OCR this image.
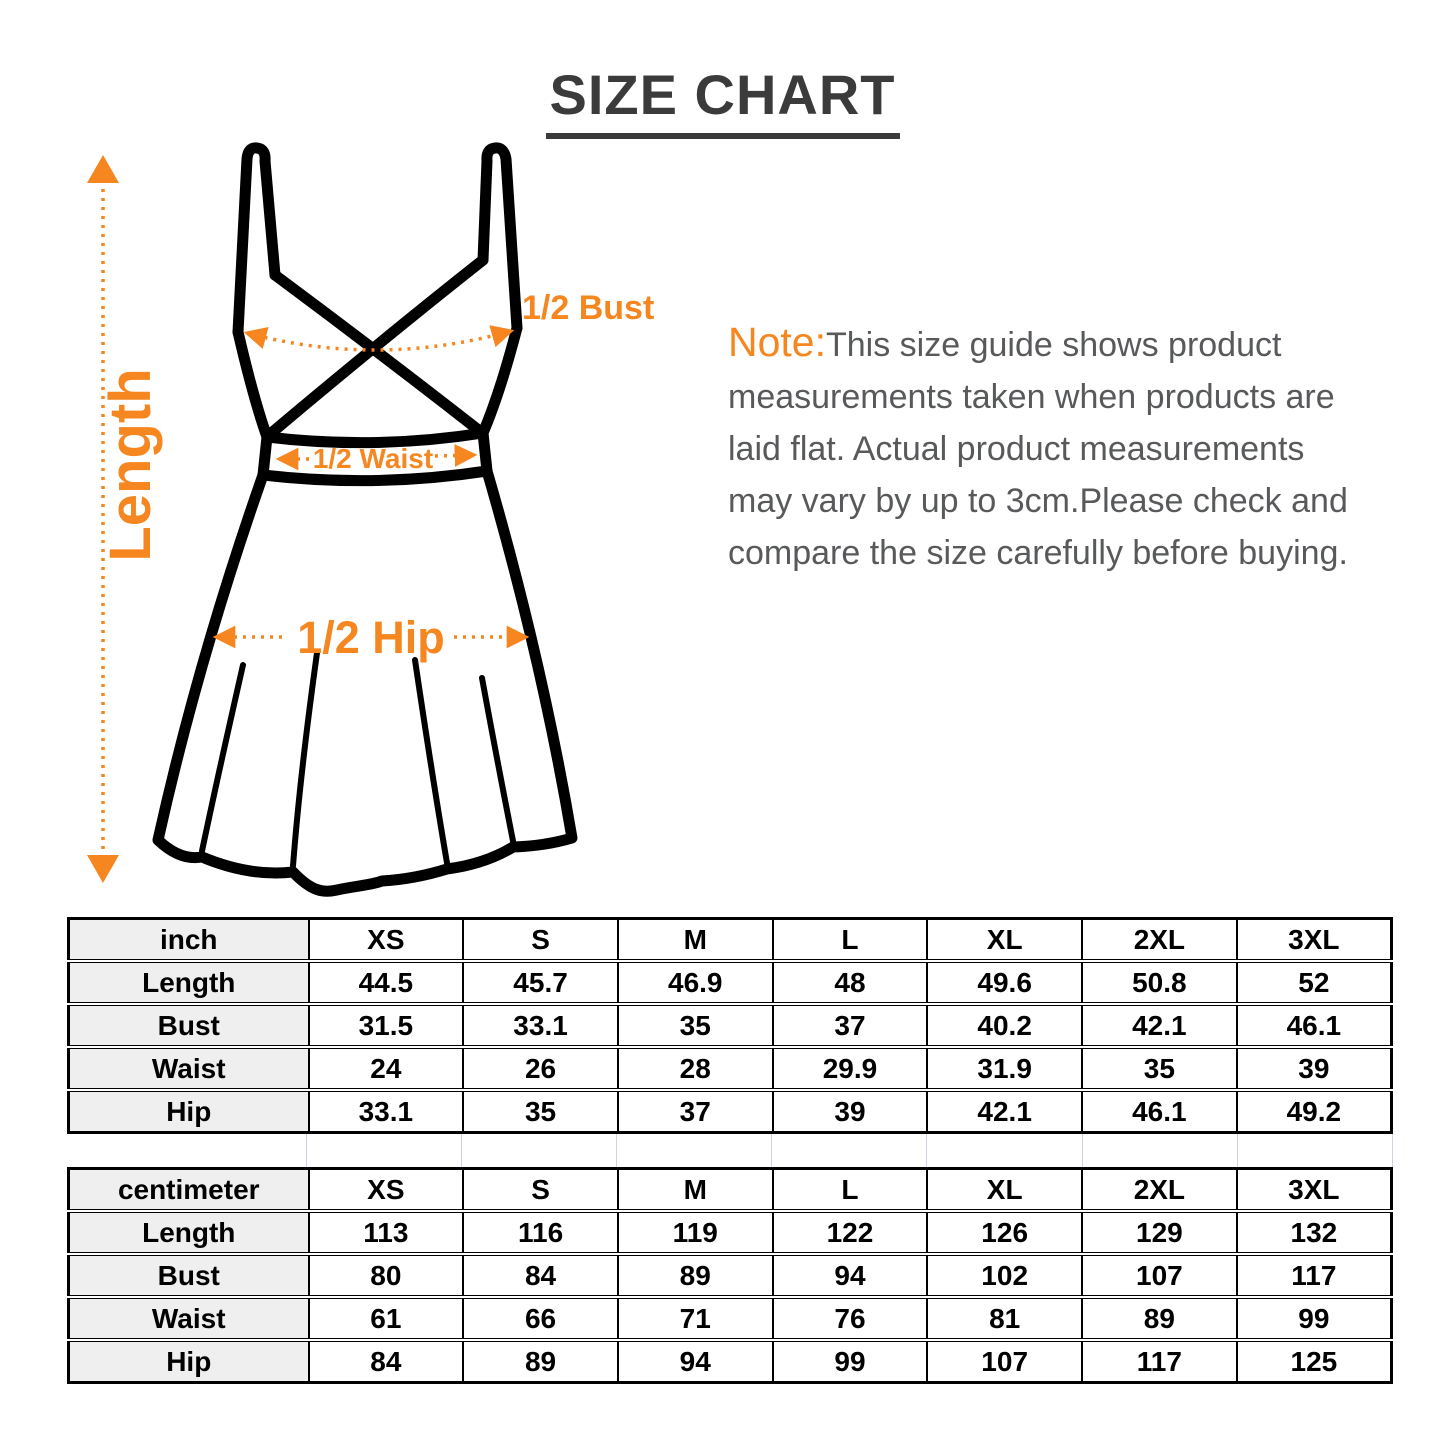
SIZE CHART
Length
1/2 Bust
1/2 Waist
1/2 Hip
Note:This size guide shows product
measurements taken when products are
laid flat. Actual product measurements
may vary by up to 3cm.Please check and
compare the size carefully before buying.
inch	XS	S	M	L	XL	2XL	3XL
Length	44.5	45.7	46.9	48	49.6	50.8	52
Bust	31.5	33.1	35	37	40.2	42.1	46.1
Waist	24	26	28	29.9	31.9	35	39
Hip	33.1	35	37	39	42.1	46.1	49.2
centimeter	XS	S	M	L	XL	2XL	3XL
Length	113	116	119	122	126	129	132
Bust	80	84	89	94	102	107	117
Waist	61	66	71	76	81	89	99
Hip	84	89	94	99	107	117	125
